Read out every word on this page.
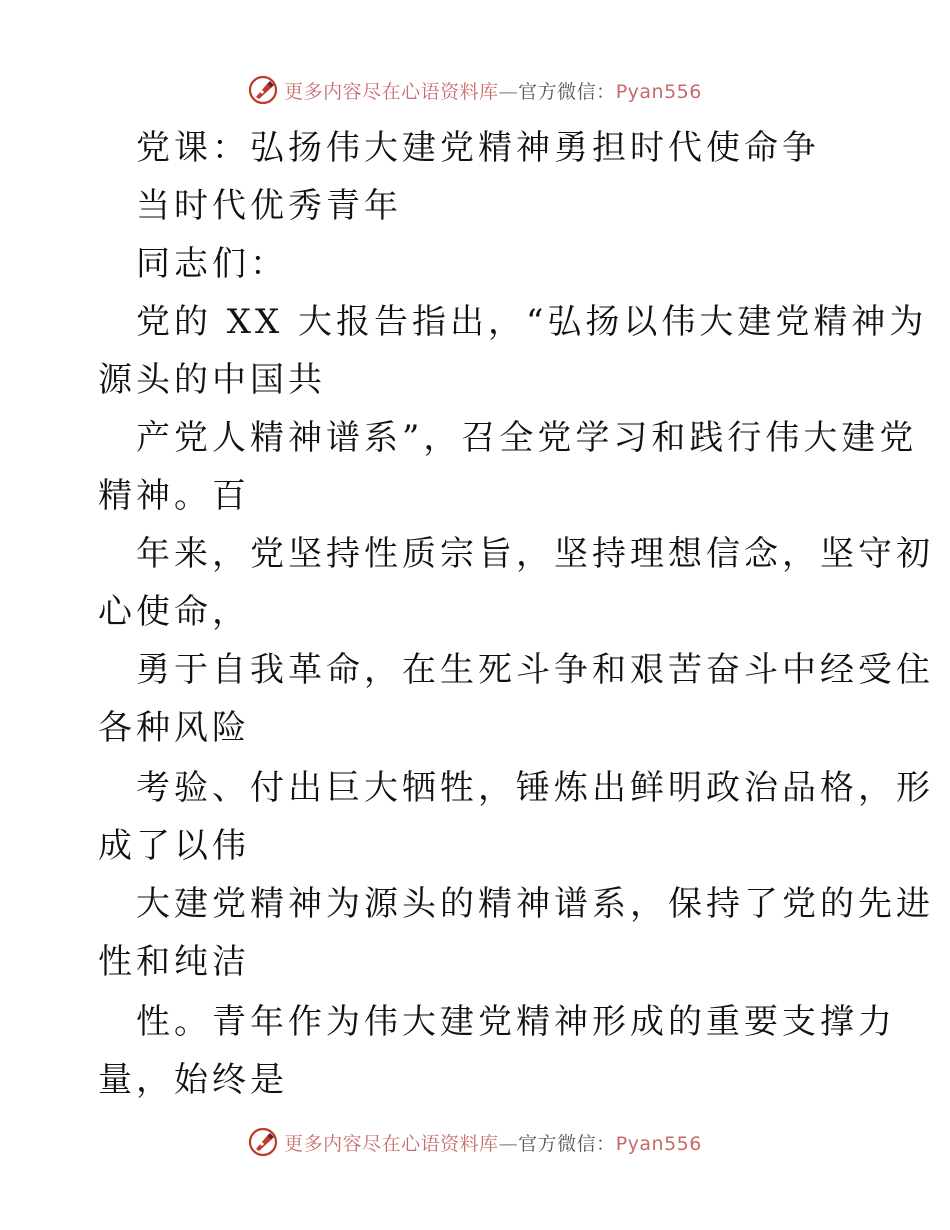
更多内容尽在心语资料库—官方微信：Pyan556
党课：弘扬伟大建党精神勇担时代使命争
当时代优秀青年
同志们：
党的 XX 大报告指出，“弘扬以伟大建党精神为
源头的中国共
产党人精神谱系”，召全党学习和践行伟大建党
精神。百
年来，党坚持性质宗旨，坚持理想信念，坚守初
心使命，
勇于自我革命，在生死斗争和艰苦奋斗中经受住
各种风险
考验、付出巨大牺牲，锤炼出鲜明政治品格，形
成了以伟
大建党精神为源头的精神谱系，保持了党的先进
性和纯洁
性。青年作为伟大建党精神形成的重要支撑力
量，始终是
更多内容尽在心语资料库—官方微信：Pyan556
